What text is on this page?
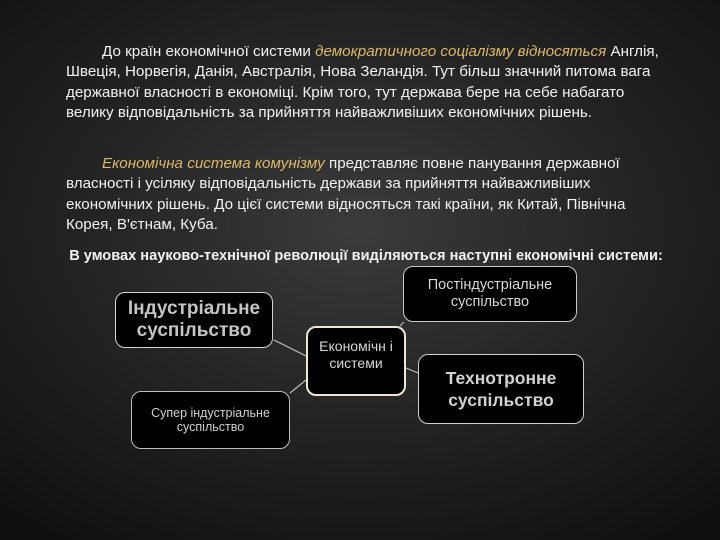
До країн економічної системи демократичного соціалізму відносяться Англія, Швеція, Норвегія, Данія, Австралія, Нова Зеландія. Тут більш значний питома вага державної власності в економіці. Крім того, тут держава бере на себе набагато велику відповідальність за прийняття найважливіших економічних рішень.

Економічна система комунізму представляє повне панування державної власності і усіляку відповідальність держави за прийняття найважливіших економічних рішень. До цієї системи відносяться такі країни, як Китай, Північна Корея, В'єтнам, Куба.

В умовах науково-технічної революції виділяються наступні економічні системи:

Індустріальне суспільство
Постіндустріальне суспільство
Економічн і системи
Технотронне суспільство
Супер індустріальне суспільство
